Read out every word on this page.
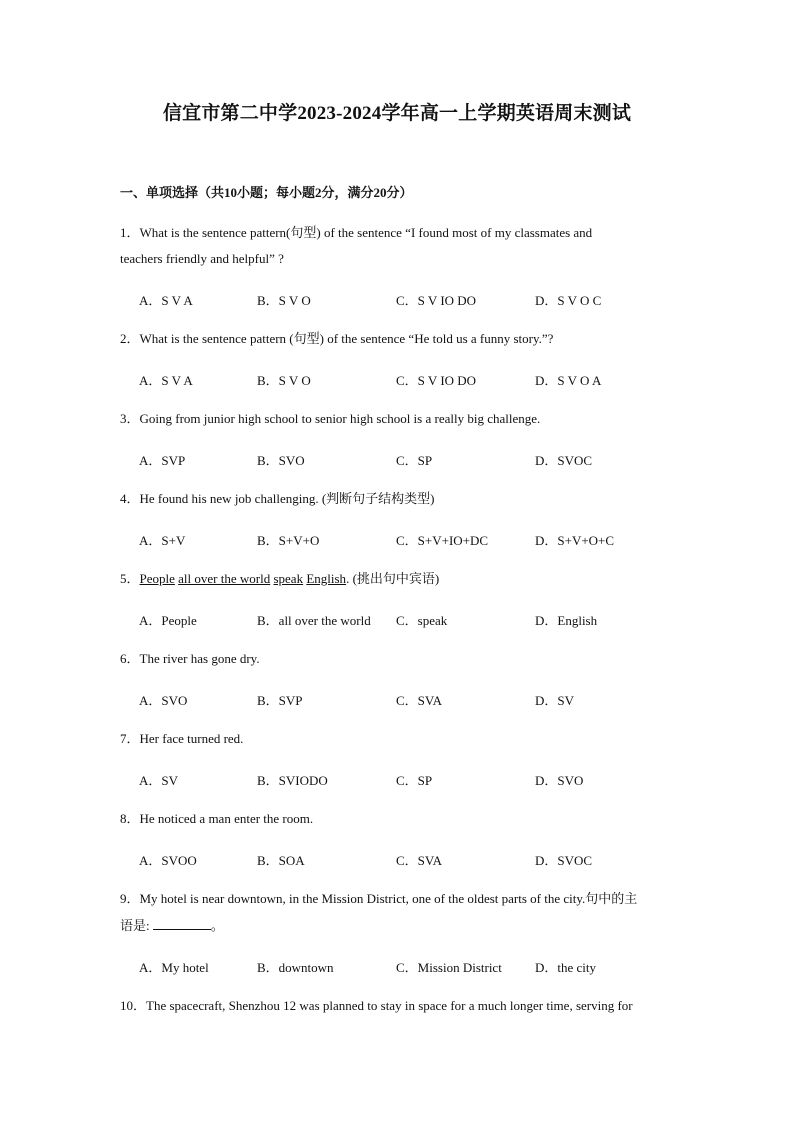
信宜市第二中学2023-2024学年高一上学期英语周末测试
一、单项选择（共10小题；每小题2分，满分20分）
1．What is the sentence pattern(句型) of the sentence “I found most of my classmates and
teachers friendly and helpful” ?
A．S V A	B．S V O	C．S V IO DO	D．S V O C
2．What is the sentence pattern (句型) of the sentence “He told us a funny story.”?
A．S V A	B．S V O	C．S V IO DO	D．S V O A
3．Going from junior high school to senior high school is a really big challenge.
A．SVP	B．SVO	C．SP	D．SVOC
4．He found his new job challenging. (判断句子结构类型)
A．S+V	B．S+V+O	C．S+V+IO+DC	D．S+V+O+C
5．People all over the world speak English. (挑出句中宾语)
A．People	B．all over the world C．speak	D．English
6．The river has gone dry.
A．SVO	B．SVP	C．SVA	D．SV
7．Her face turned red.
A．SV	B．SVIODO	C．SP	D．SVO
8．He noticed a man enter the room.
A．SVOO	B．SOA	C．SVA	D．SVOC
9．My hotel is near downtown, in the Mission District, one of the oldest parts of the city.句中的主
语是:	。
A．My hotel	B．downtown	C．Mission District	D．the city
10．The spacecraft, Shenzhou 12 was planned to stay in space for a much longer time, serving for
